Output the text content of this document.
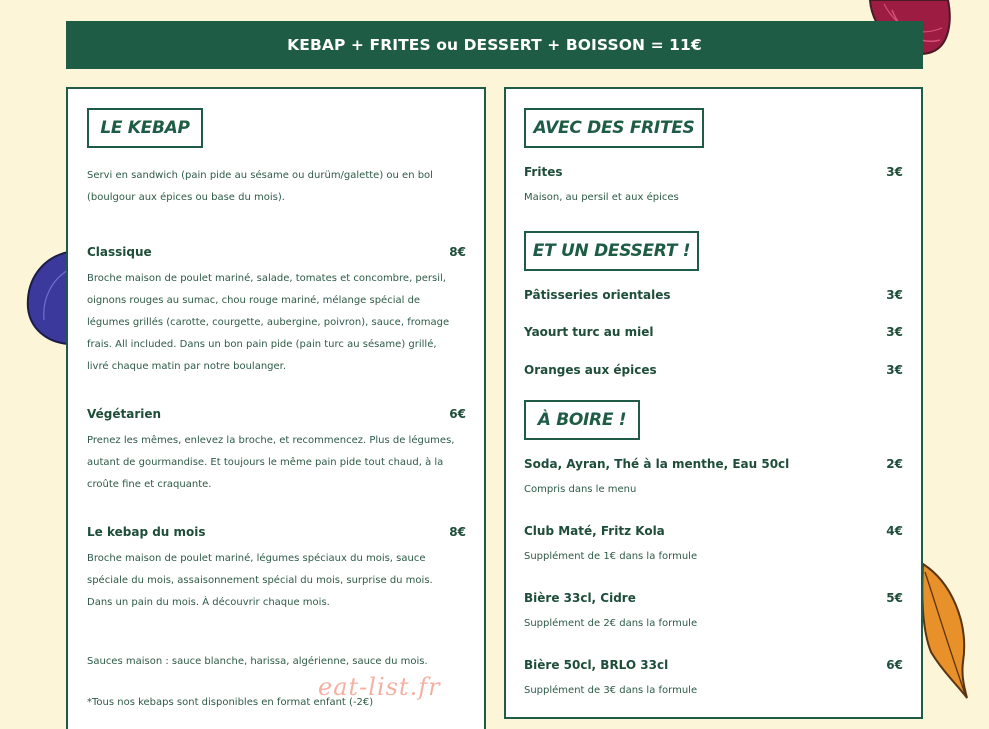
KEBAP + FRITES ou DESSERT + BOISSON = 11€
LE KEBAP
Servi en sandwich (pain pide au sésame ou durüm/galette) ou en bol (boulgour aux épices ou base du mois).
Classique	8€
Broche maison de poulet mariné, salade, tomates et concombre, persil, oignons rouges au sumac, chou rouge mariné, mélange spécial de légumes grillés (carotte, courgette, aubergine, poivron), sauce, fromage frais. All included. Dans un bon pain pide (pain turc au sésame) grillé, livré chaque matin par notre boulanger.
Végétarien	6€
Prenez les mêmes, enlevez la broche, et recommencez. Plus de légumes, autant de gourmandise. Et toujours le même pain pide tout chaud, à la croûte fine et craquante.
Le kebap du mois	8€
Broche maison de poulet mariné, légumes spéciaux du mois, sauce spéciale du mois, assaisonnement spécial du mois, surprise du mois. Dans un pain du mois. À découvrir chaque mois.
Sauces maison : sauce blanche, harissa, algérienne, sauce du mois.
*Tous nos kebaps sont disponibles en format enfant (-2€)
AVEC DES FRITES
Frites	3€
Maison, au persil et aux épices
ET UN DESSERT !
Pâtisseries orientales	3€
Yaourt turc au miel	3€
Oranges aux épices	3€
À BOIRE !
Soda, Ayran, Thé à la menthe, Eau 50cl	2€
Compris dans le menu
Club Maté, Fritz Kola	4€
Supplément de 1€ dans la formule
Bière 33cl, Cidre	5€
Supplément de 2€ dans la formule
Bière 50cl, BRLO 33cl	6€
Supplément de 3€ dans la formule
eat-list.fr
